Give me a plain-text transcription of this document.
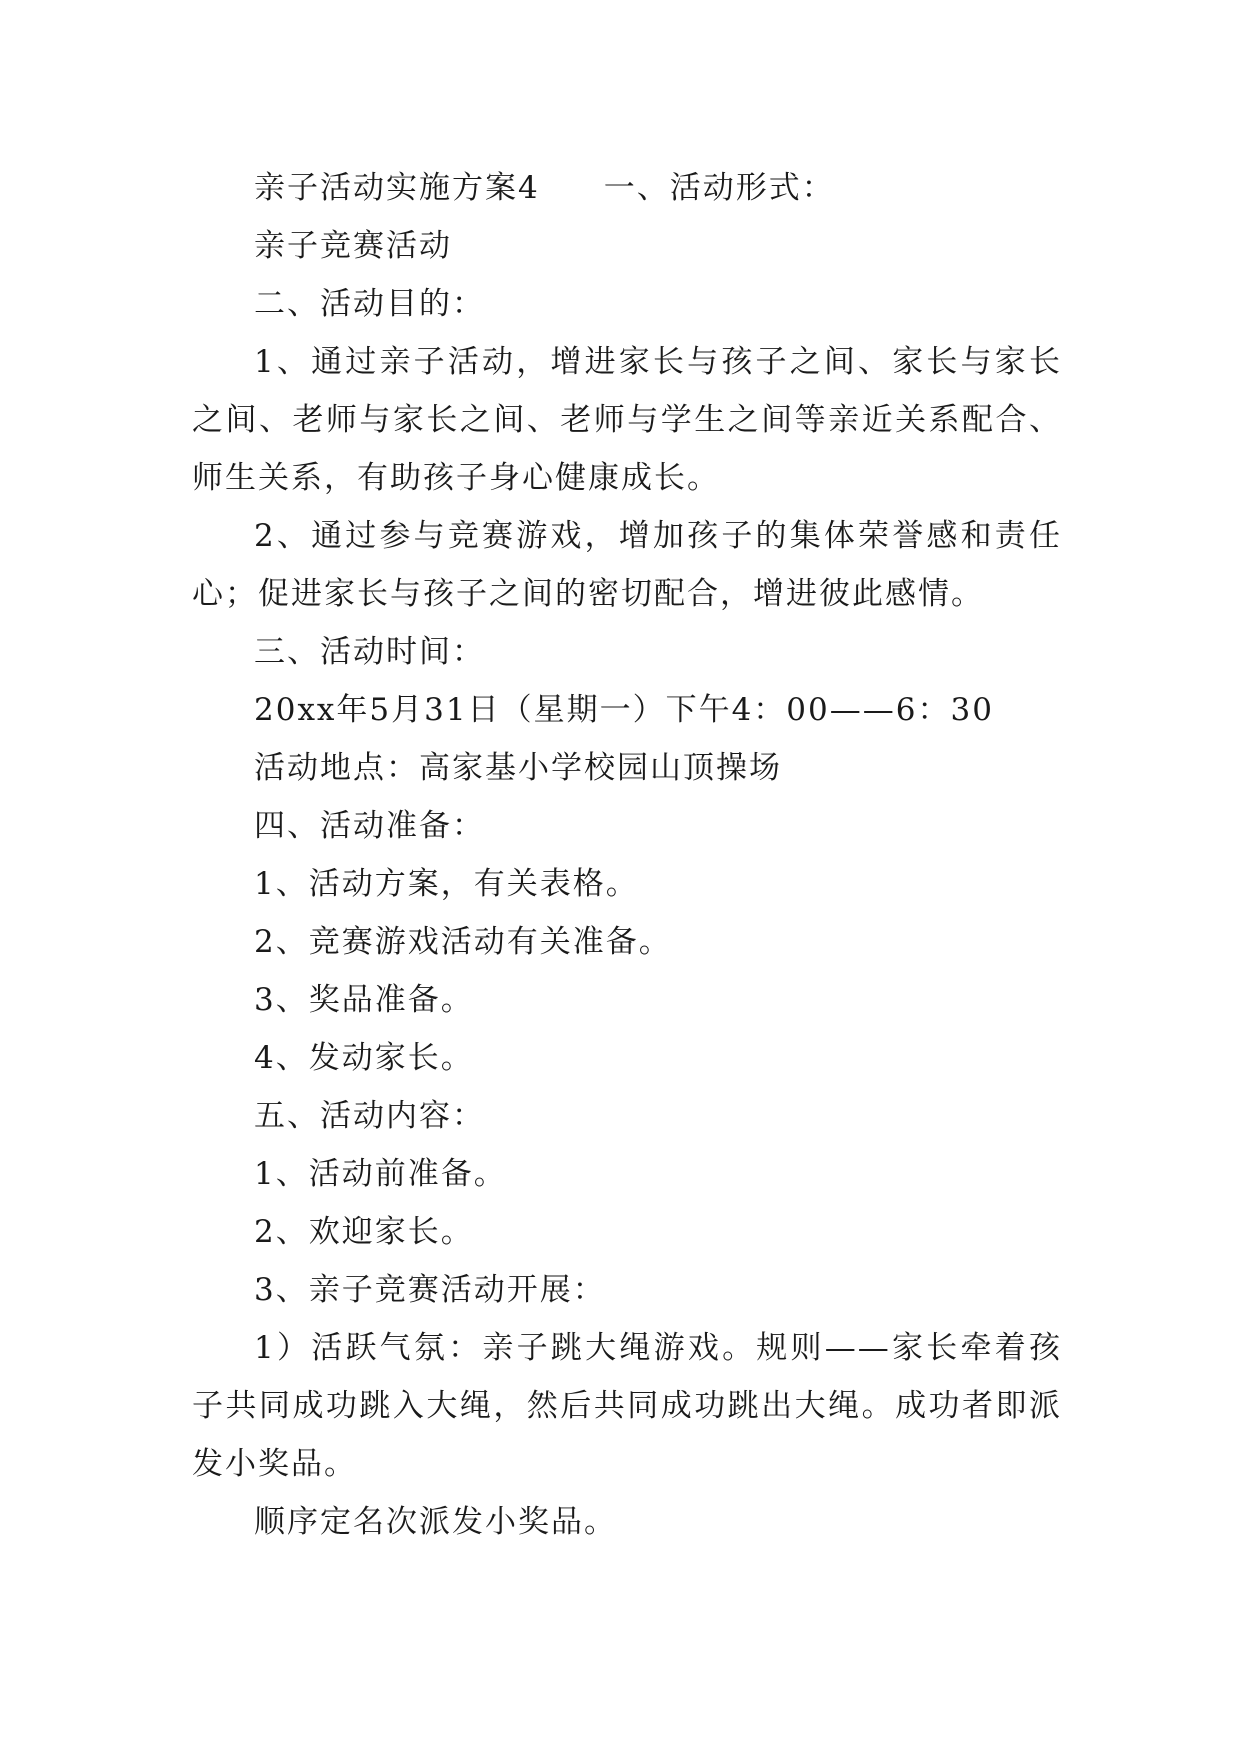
亲子活动实施方案4 一、活动形式：

亲子竞赛活动

二、活动目的：

1、通过亲子活动，增进家长与孩子之间、家长与家长之间、老师与家长之间、老师与学生之间等亲近关系配合、师生关系，有助孩子身心健康成长。

2、通过参与竞赛游戏，增加孩子的集体荣誉感和责任心；促进家长与孩子之间的密切配合，增进彼此感情。

三、活动时间：

20xx年5月31日（星期一）下午4：00——6：30

活动地点：高家基小学校园山顶操场

四、活动准备：

1、活动方案，有关表格。

2、竞赛游戏活动有关准备。

3、奖品准备。

4、发动家长。

五、活动内容：

1、活动前准备。

2、欢迎家长。

3、亲子竞赛活动开展：

1）活跃气氛：亲子跳大绳游戏。规则——家长牵着孩子共同成功跳入大绳，然后共同成功跳出大绳。成功者即派发小奖品。

顺序定名次派发小奖品。
